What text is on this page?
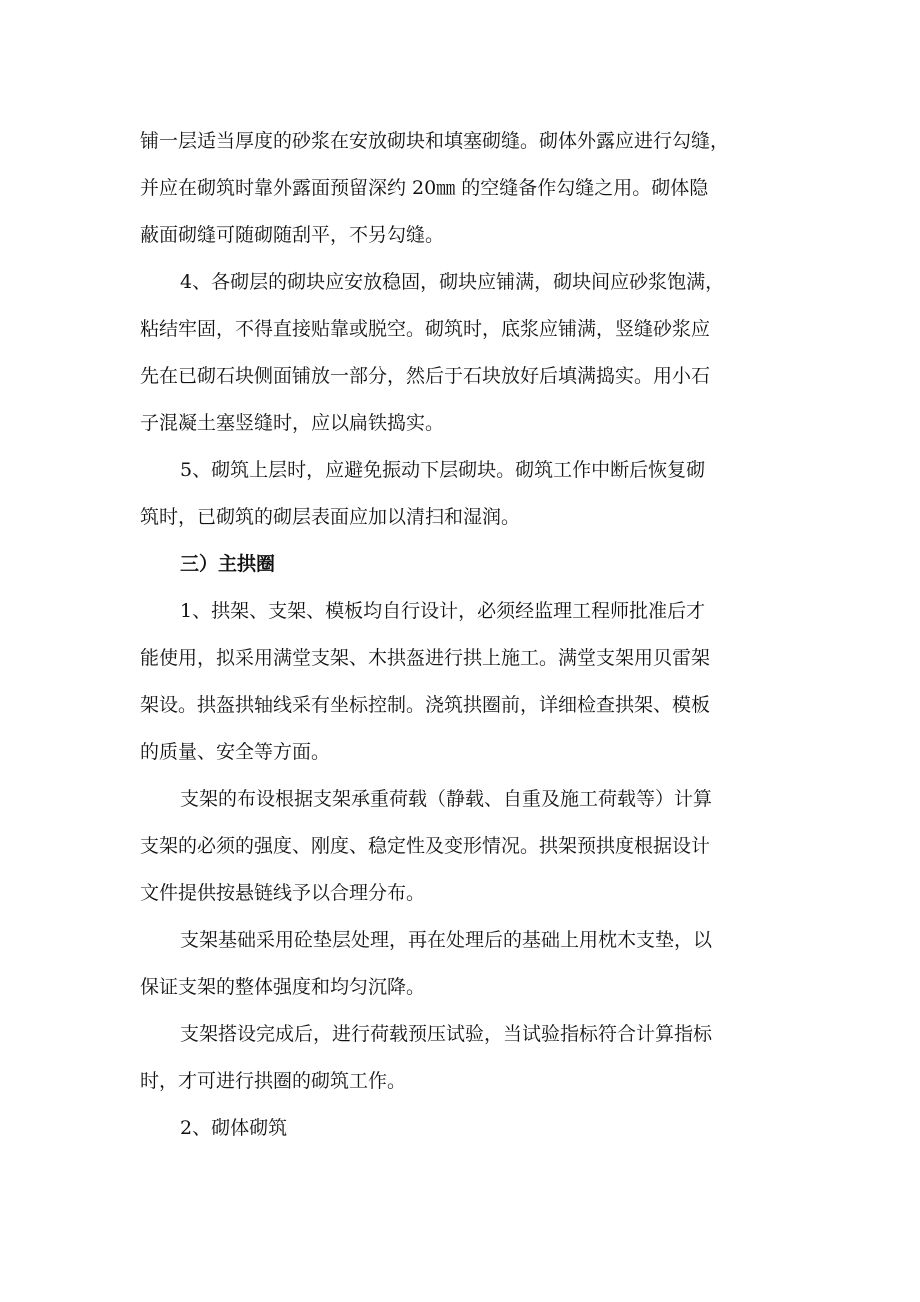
铺一层适当厚度的砂浆在安放砌块和填塞砌缝。砌体外露应进行勾缝，
并应在砌筑时靠外露面预留深约 20㎜ 的空缝备作勾缝之用。砌体隐
蔽面砌缝可随砌随刮平，不另勾缝。
4、各砌层的砌块应安放稳固，砌块应铺满，砌块间应砂浆饱满，
粘结牢固，不得直接贴靠或脱空。砌筑时，底浆应铺满，竖缝砂浆应
先在已砌石块侧面铺放一部分，然后于石块放好后填满捣实。用小石
子混凝土塞竖缝时，应以扁铁捣实。
5、砌筑上层时，应避免振动下层砌块。砌筑工作中断后恢复砌
筑时，已砌筑的砌层表面应加以清扫和湿润。
三）主拱圈
1、拱架、支架、模板均自行设计，必须经监理工程师批准后才
能使用，拟采用满堂支架、木拱盔进行拱上施工。满堂支架用贝雷架
架设。拱盔拱轴线采有坐标控制。浇筑拱圈前，详细检查拱架、模板
的质量、安全等方面。
支架的布设根据支架承重荷载（静载、自重及施工荷载等）计算
支架的必须的强度、刚度、稳定性及变形情况。拱架预拱度根据设计
文件提供按悬链线予以合理分布。
支架基础采用砼垫层处理，再在处理后的基础上用枕木支垫，以
保证支架的整体强度和均匀沉降。
支架搭设完成后，进行荷载预压试验，当试验指标符合计算指标
时，才可进行拱圈的砌筑工作。
2、砌体砌筑
